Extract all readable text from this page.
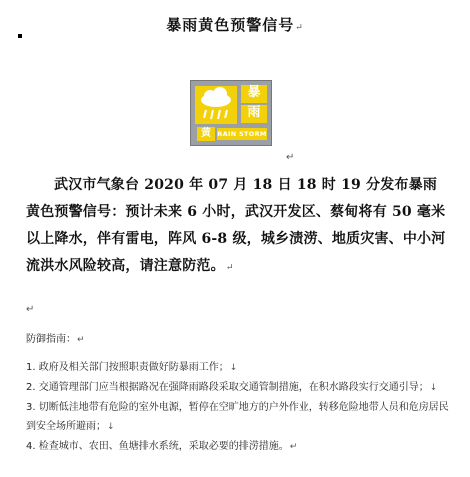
暴雨黄色预警信号↵
暴
雨
黄 RAIN STORM
↵
武汉市气象台 2020 年 07 月 18 日 18 时 19 分发布暴雨黄色预警信号：预计未来 6 小时，武汉开发区、蔡甸将有 50 毫米以上降水，伴有雷电，阵风 6-8 级，城乡渍涝、地质灾害、中小河流洪水风险较高，请注意防范。↵
↵
防御指南：↵
1. 政府及相关部门按照职责做好防暴雨工作；↓
2. 交通管理部门应当根据路况在强降雨路段采取交通管制措施，在积水路段实行交通引导；↓
3. 切断低洼地带有危险的室外电源，暂停在空旷地方的户外作业，转移危险地带人员和危房居民到安全场所避雨；↓
4. 检查城市、农田、鱼塘排水系统，采取必要的排涝措施。↵
